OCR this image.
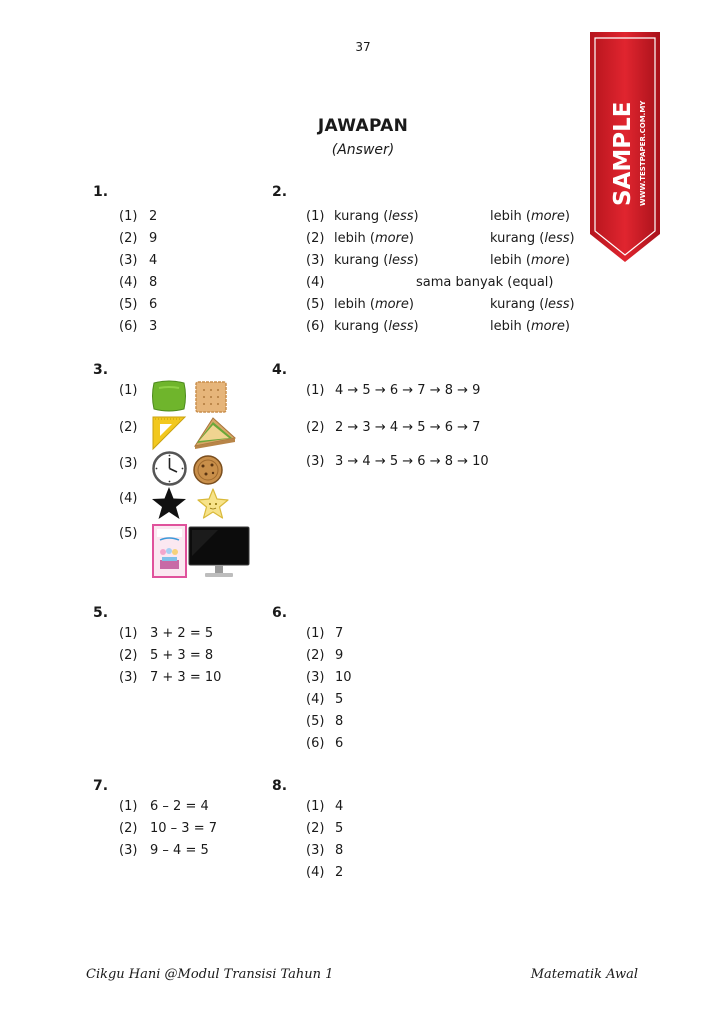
37
JAWAPAN
(Answer)	SAMPLE WWW.TESTPAPER.COM.MY
1.
(1) 2
(2) 9
(3) 4
(4) 8
(5) 6
(6) 3
2.
(1) kurang (less)	lebih (more)
(2) lebih (more)	kurang (less)
(3) kurang (less)	lebih (more)
(4)	sama banyak (equal)
(5) lebih (more)	kurang (less)
(6) kurang (less)	lebih (more)
3.
(1)
(2)
(3)
(4)
(5)
4.
(1) 4 → 5 → 6 → 7 → 8 → 9
(2) 2 → 3 → 4 → 5 → 6 → 7
(3) 3 → 4 → 5 → 6 → 8 → 10
5.
(1) 3 + 2 = 5
(2) 5 + 3 = 8
(3) 7 + 3 = 10
6.
(1) 7
(2) 9
(3) 10
(4) 5
(5) 8
(6) 6
7.
(1) 6 – 2 = 4
(2) 10 – 3 = 7
(3) 9 – 4 = 5
8.
(1) 4
(2) 5
(3) 8
(4) 2
Cikgu Hani @Modul Transisi Tahun 1	Matematik Awal
